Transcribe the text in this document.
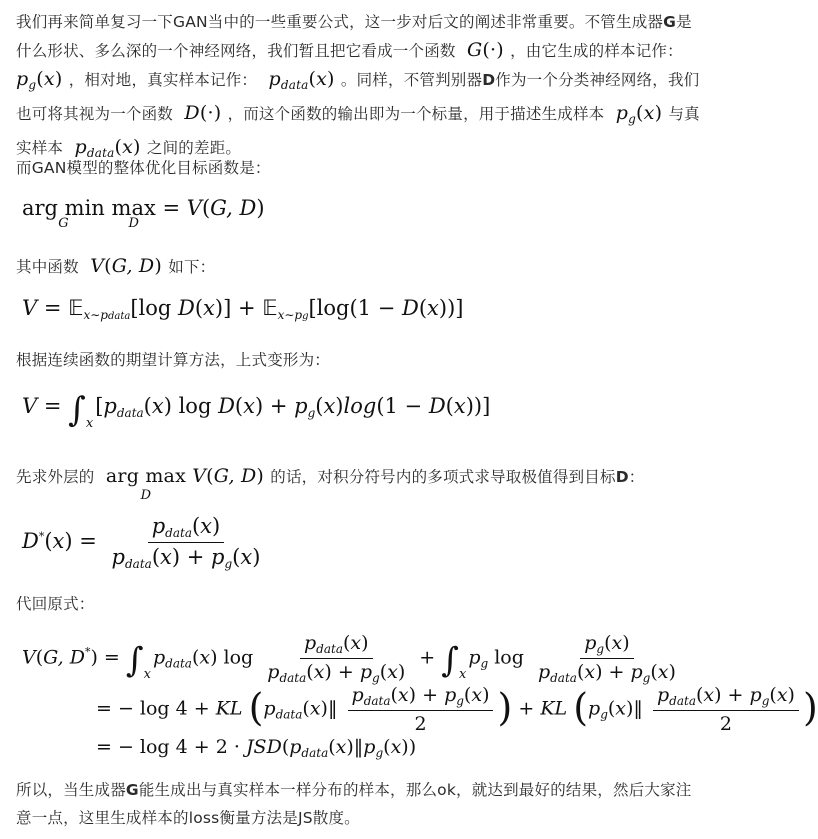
我们再来简单复习一下GAN当中的一些重要公式，这一步对后文的阐述非常重要。不管生成器G是什么形状、多么深的一个神经网络，我们暂且把它看成一个函数  G(·) ，由它生成的样本记作：
$p_g(x)$ ，相对地，真实样本记作：  $p_{data}(x)$ 。同样，不管判别器D作为一个分类神经网络，我们也可将其视为一个函数  D(·) ，而这个函数的输出即为一个标量，用于描述生成样本  $p_g(x)$ 与真实样本  $p_{data}(x)$ 之间的差距。
而GAN模型的整体优化目标函数是：
arg min
G
max
D
= V(G, D)
其中函数  V(G, D) 如下：
V = 𝔼$_{x\sim pdata}$[log D(x)] + 𝔼$_{x\sim pg}$[log(1 − D(x))]
根据连续函数的期望计算方法，上式变形为：
$V = \int_x[p_{data}(x)$ $\log D(x) + p_g(x)\log(1 - D(x))$]
先求外层的 arg max
D
V(G, D) 的话，对积分符号内的多项式求导取极值得到目标D：
$D^*(x) = \frac{p_{data}(x)}{p_{data}(x) + p_g(x)}$
代回原式：
V(G, $D^*) = \int_xp_{data}(x)$ $\log \frac{p_{data}(x)}{p_{data}(x) + p_g(x)} + \int_xp_g$ $\log \frac{p_g(x)}{p_{data}(x) + p_g(x)}$
= − log 4 + KL ($p_{data}(x)‖ \frac{p_{data}(x) + p_g(x)}{2}$ ) + KL ($p_g(x)‖ \frac{p_{data}(x) + p_g(x)}{2}$ )
= − $\log 4 + 2 \cdot JSD(p_{data}(x)‖p_g(x))$
所以，当生成器G能生成出与真实样本一样分布的样本，那么ok，就达到最好的结果，然后大家注意一点，这里生成样本的loss衡量方法是JS散度。
